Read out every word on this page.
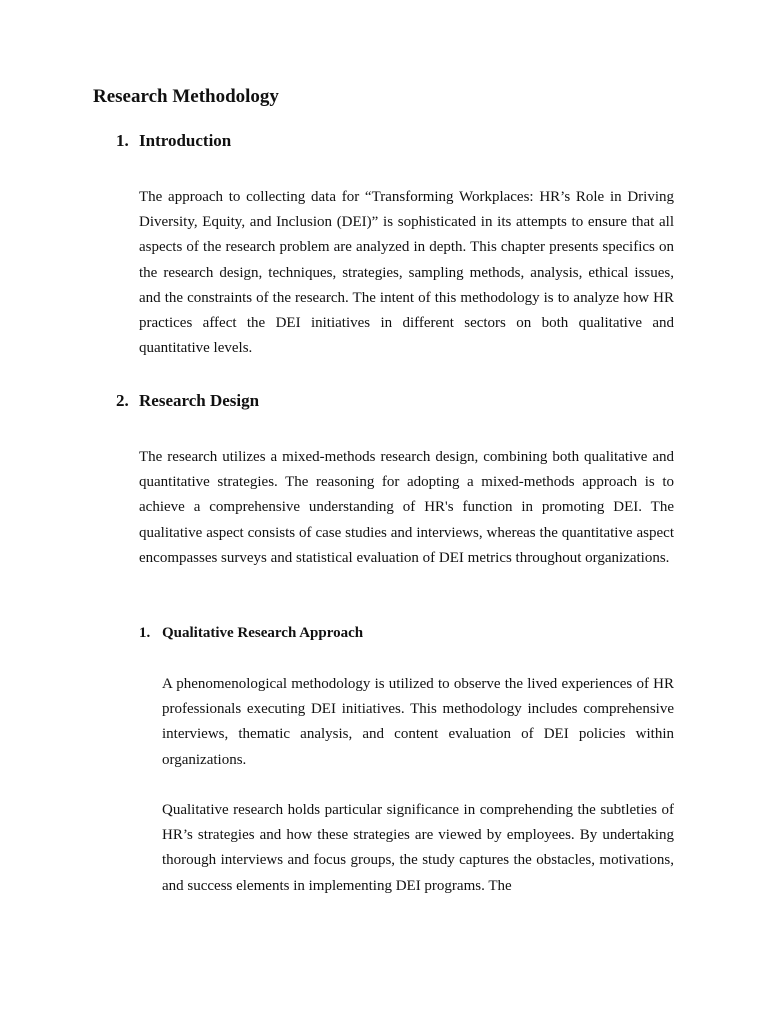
Research Methodology
1. Introduction

The approach to collecting data for “Transforming Workplaces: HR’s Role in Driving Diversity, Equity, and Inclusion (DEI)” is sophisticated in its attempts to ensure that all aspects of the research problem are analyzed in depth. This chapter presents specifics on the research design, techniques, strategies, sampling methods, analysis, ethical issues, and the constraints of the research. The intent of this methodology is to analyze how HR practices affect the DEI initiatives in different sectors on both qualitative and quantitative levels.

2. Research Design

The research utilizes a mixed-methods research design, combining both qualitative and quantitative strategies. The reasoning for adopting a mixed-methods approach is to achieve a comprehensive understanding of HR's function in promoting DEI. The qualitative aspect consists of case studies and interviews, whereas the quantitative aspect encompasses surveys and statistical evaluation of DEI metrics throughout organizations.

1. Qualitative Research Approach

A phenomenological methodology is utilized to observe the lived experiences of HR professionals executing DEI initiatives. This methodology includes comprehensive interviews, thematic analysis, and content evaluation of DEI policies within organizations.

Qualitative research holds particular significance in comprehending the subtleties of HR’s strategies and how these strategies are viewed by employees. By undertaking thorough interviews and focus groups, the study captures the obstacles, motivations, and success elements in implementing DEI programs. The
